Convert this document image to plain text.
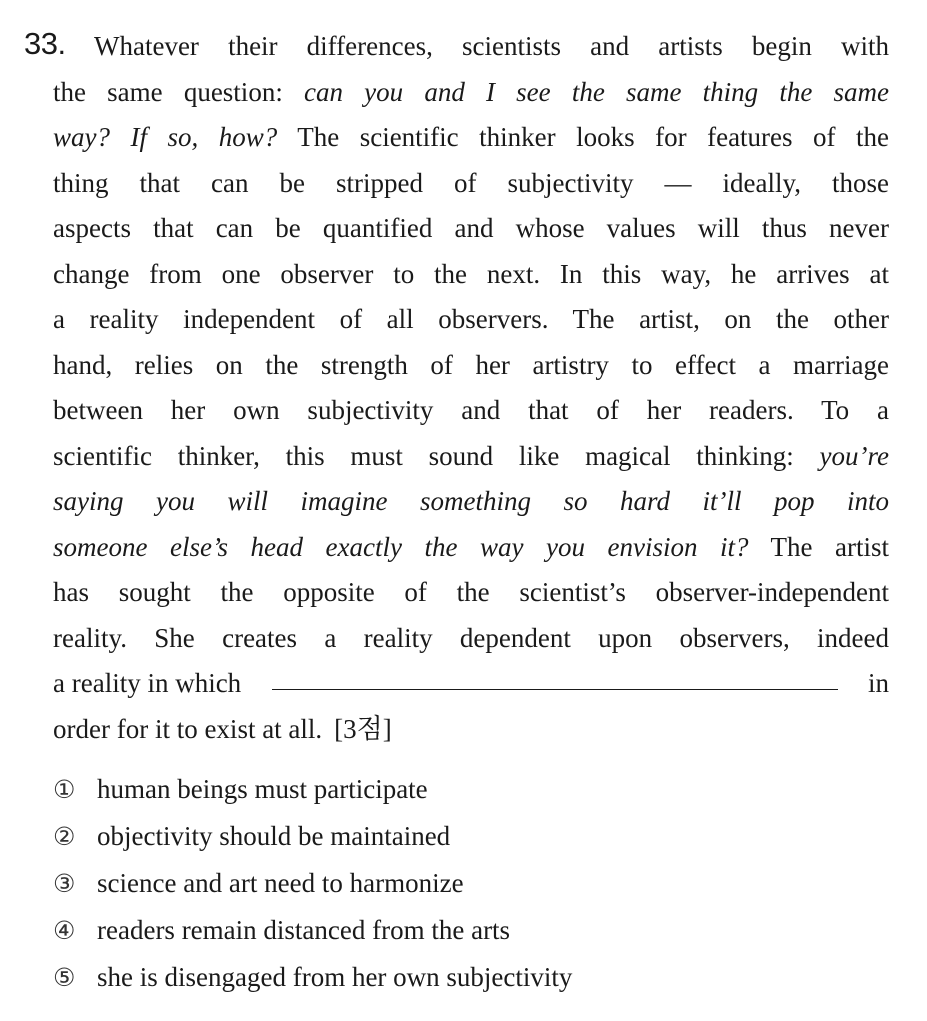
33.	Whatever their differences, scientists and artists begin with
the same question: can you and I see the same thing the same
way? If so, how? The scientific thinker looks for features of the
thing that can be stripped of subjectivity — ideally, those
aspects that can be quantified and whose values will thus never
change from one observer to the next. In this way, he arrives at
a reality independent of all observers. The artist, on the other
hand, relies on the strength of her artistry to effect a marriage
between her own subjectivity and that of her readers. To a
scientific thinker, this must sound like magical thinking: you’re
saying you will imagine something so hard it’ll pop into
someone else’s head exactly the way you envision it? The artist
has sought the opposite of the scientist’s observer-independent
reality. She creates a reality dependent upon observers, indeed
a reality in which	in
order for it to exist at all. [3점]
① human beings must participate
② objectivity should be maintained
③ science and art need to harmonize
④ readers remain distanced from the arts
⑤ she is disengaged from her own subjectivity
